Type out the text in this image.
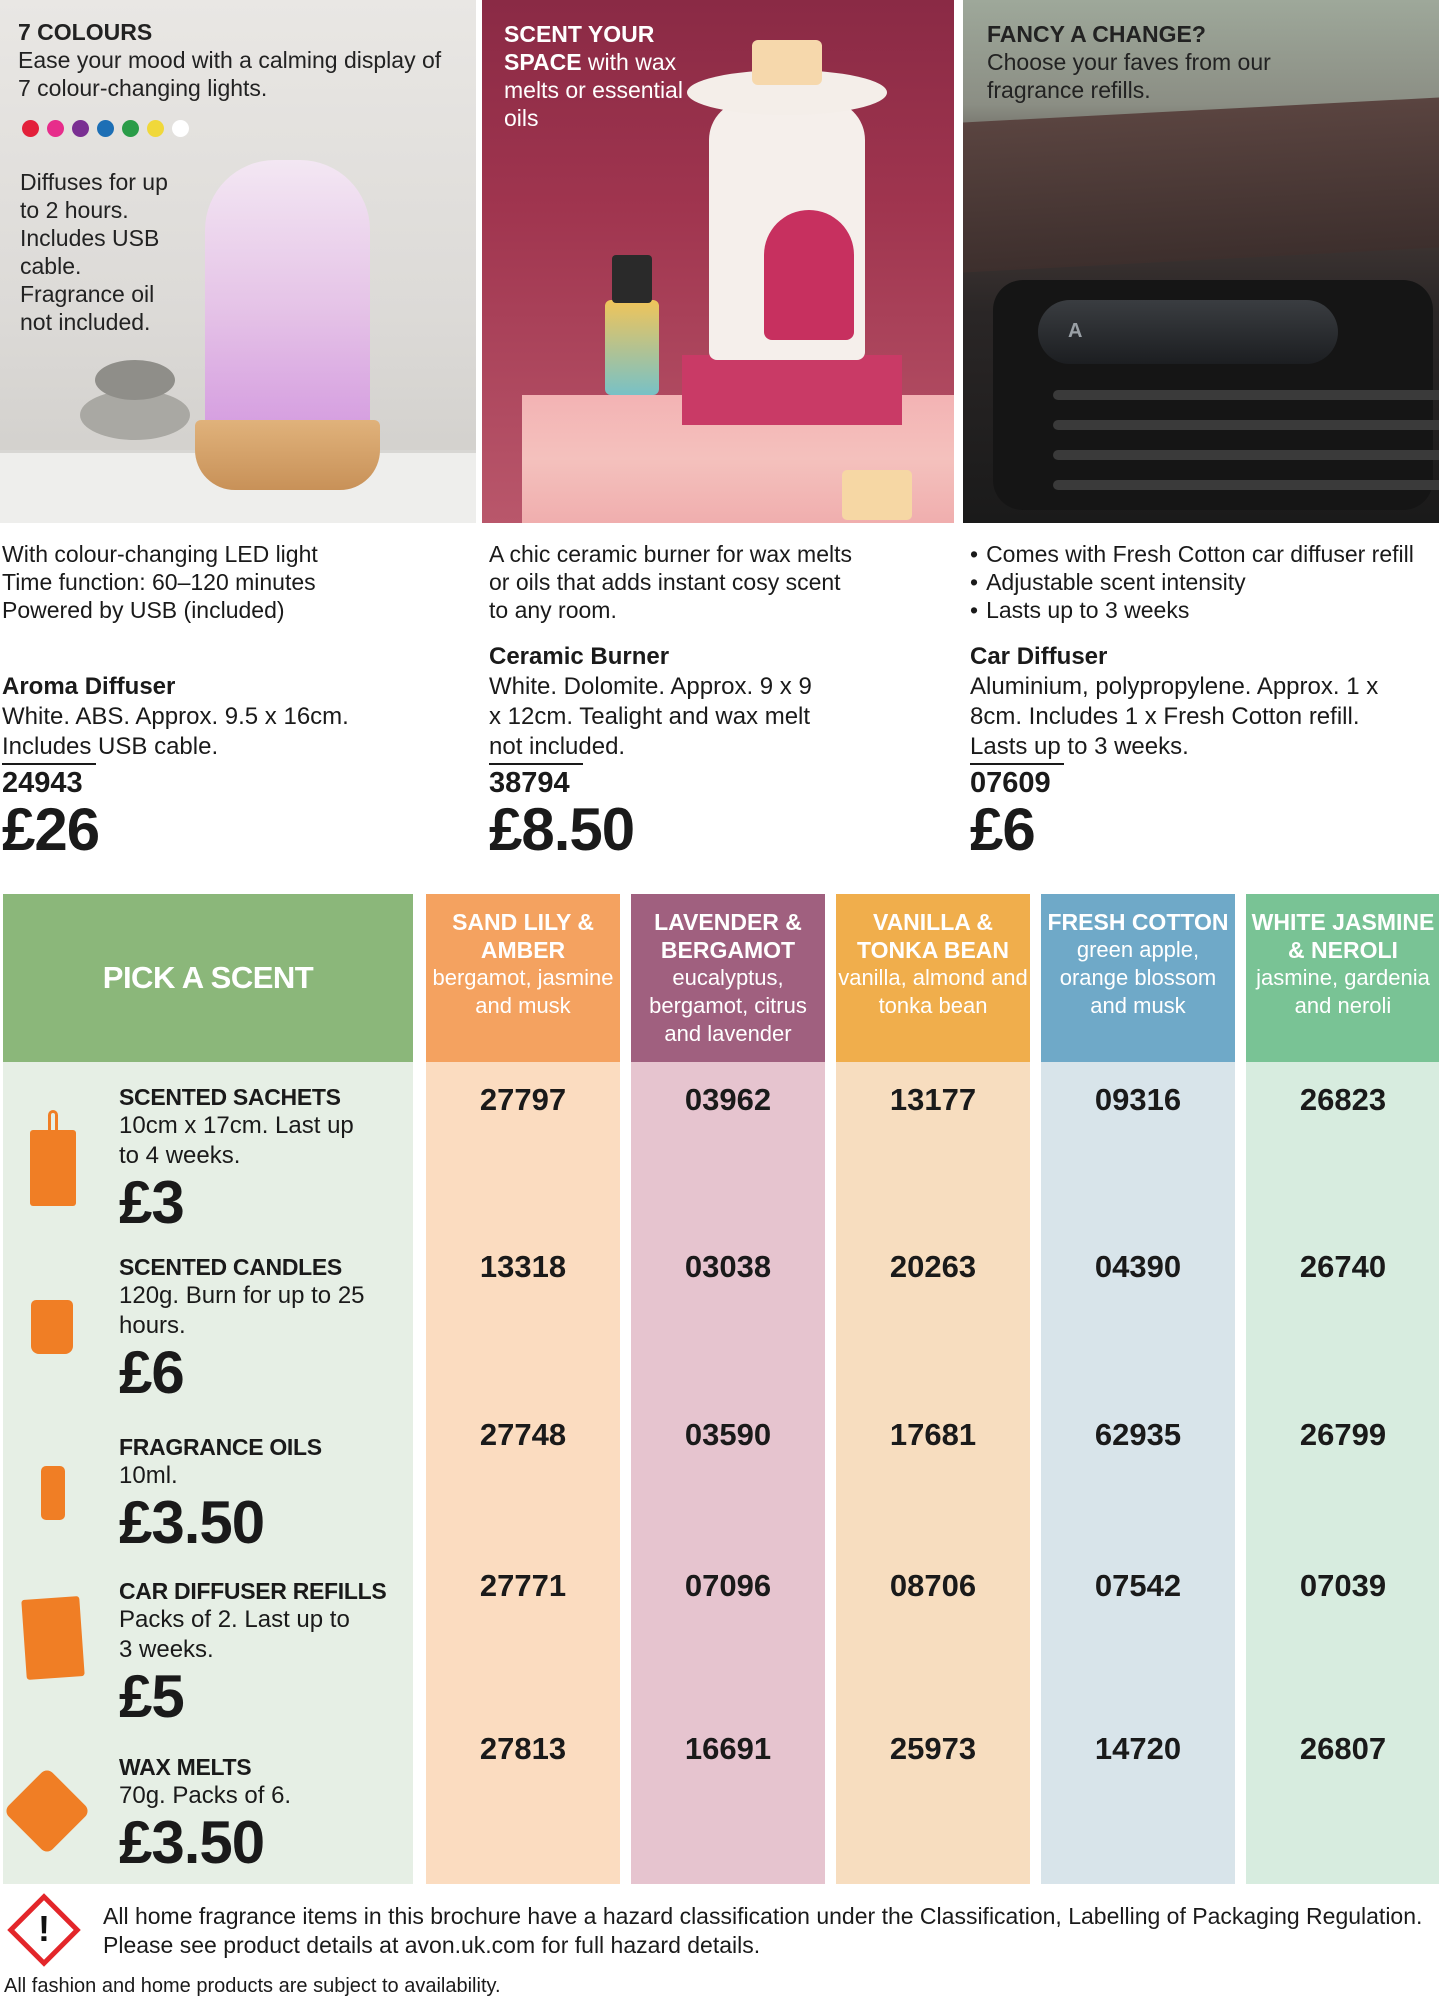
7 COLOURS
Ease your mood with a calming display of 7 colour-changing lights.
Diffuses for up to 2 hours. Includes USB cable. Fragrance oil not included.
SCENT YOUR SPACE with wax melts or essential oils
A
FANCY A CHANGE?
Choose your faves from our fragrance refills.
With colour-changing LED light
Time function: 60–120 minutes
Powered by USB (included)
A chic ceramic burner for wax melts
or oils that adds instant cosy scent
to any room.
• Comes with Fresh Cotton car diffuser refill
• Adjustable scent intensity
• Lasts up to 3 weeks
Aroma Diffuser
White. ABS. Approx. 9.5 x 16cm. Includes USB cable.
24943
£26
Ceramic Burner
White. Dolomite. Approx. 9 x 9 x 12cm. Tealight and wax melt not included.
38794
£8.50
Car Diffuser
Aluminium, polypropylene. Approx. 1 x 8cm. Includes 1 x Fresh Cotton refill. Lasts up to 3 weeks.
07609
£6
PICK A SCENT
SAND LILY & AMBER
bergamot, jasmine and musk
27797
13318
27748
27771
27813
LAVENDER & BERGAMOT
eucalyptus, bergamot, citrus and lavender
03962
03038
03590
07096
16691
VANILLA & TONKA BEAN
vanilla, almond and tonka bean
13177
20263
17681
08706
25973
FRESH COTTON
green apple, orange blossom and musk
09316
04390
62935
07542
14720
WHITE JASMINE & NEROLI
jasmine, gardenia and neroli
26823
26740
26799
07039
26807
SCENTED SACHETS
10cm x 17cm. Last up to 4 weeks.
£3
SCENTED CANDLES
120g. Burn for up to 25 hours.
£6
FRAGRANCE OILS
10ml.
£3.50
CAR DIFFUSER REFILLS
Packs of 2. Last up to 3 weeks.
£5
WAX MELTS
70g. Packs of 6.
£3.50
!	All home fragrance items in this brochure have a hazard classification under the Classification, Labelling of Packaging Regulation. Please see product details at avon.uk.com for full hazard details.
All fashion and home products are subject to availability.
